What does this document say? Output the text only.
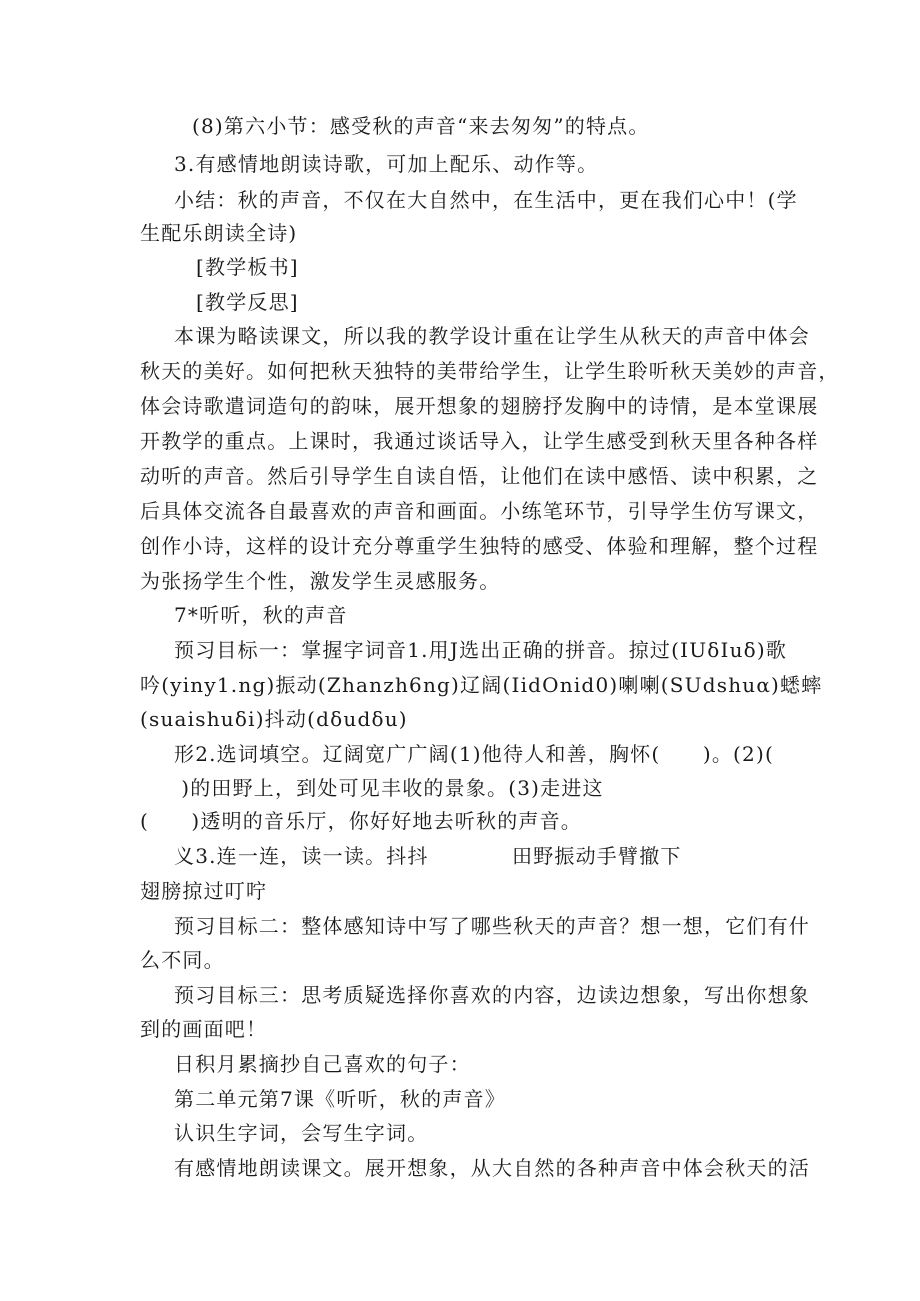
(8)第六小节：感受秋的声音“来去匆匆”的特点。
3.有感情地朗读诗歌，可加上配乐、动作等。
小结：秋的声音，不仅在大自然中，在生活中，更在我们心中！(学
生配乐朗读全诗)
[教学板书]
[教学反思]
本课为略读课文，所以我的教学设计重在让学生从秋天的声音中体会
秋天的美好。如何把秋天独特的美带给学生，让学生聆听秋天美妙的声音，
体会诗歌遣词造句的韵味，展开想象的翅膀抒发胸中的诗情，是本堂课展
开教学的重点。上课时，我通过谈话导入，让学生感受到秋天里各种各样
动听的声音。然后引导学生自读自悟，让他们在读中感悟、读中积累，之
后具体交流各自最喜欢的声音和画面。小练笔环节，引导学生仿写课文，
创作小诗，这样的设计充分尊重学生独特的感受、体验和理解，整个过程
为张扬学生个性，激发学生灵感服务。
7*听听，秋的声音
预习目标一：掌握字词音1.用J选出正确的拼音。掠过(IUδIuδ)歌
吟(yiny1.ng)振动(Zhanzh6ng)辽阔(IidOnid0)喇喇(SUdshuα)蟋蟀
(suaishuδi)抖动(dδudδu)
形2.选词填空。辽阔宽广广阔(1)他待人和善，胸怀(　　)。(2)(
　)的田野上，到处可见丰收的景象。(3)走进这
(　　)透明的音乐厅，你好好地去听秋的声音。
义3.连一连，读一读。抖抖	田野振动手臂撤下
翅膀掠过叮咛
预习目标二：整体感知诗中写了哪些秋天的声音？想一想，它们有什
么不同。
预习目标三：思考质疑选择你喜欢的内容，边读边想象，写出你想象
到的画面吧！
日积月累摘抄自己喜欢的句子：
第二单元第7课《听听，秋的声音》
认识生字词，会写生字词。
有感情地朗读课文。展开想象，从大自然的各种声音中体会秋天的活
